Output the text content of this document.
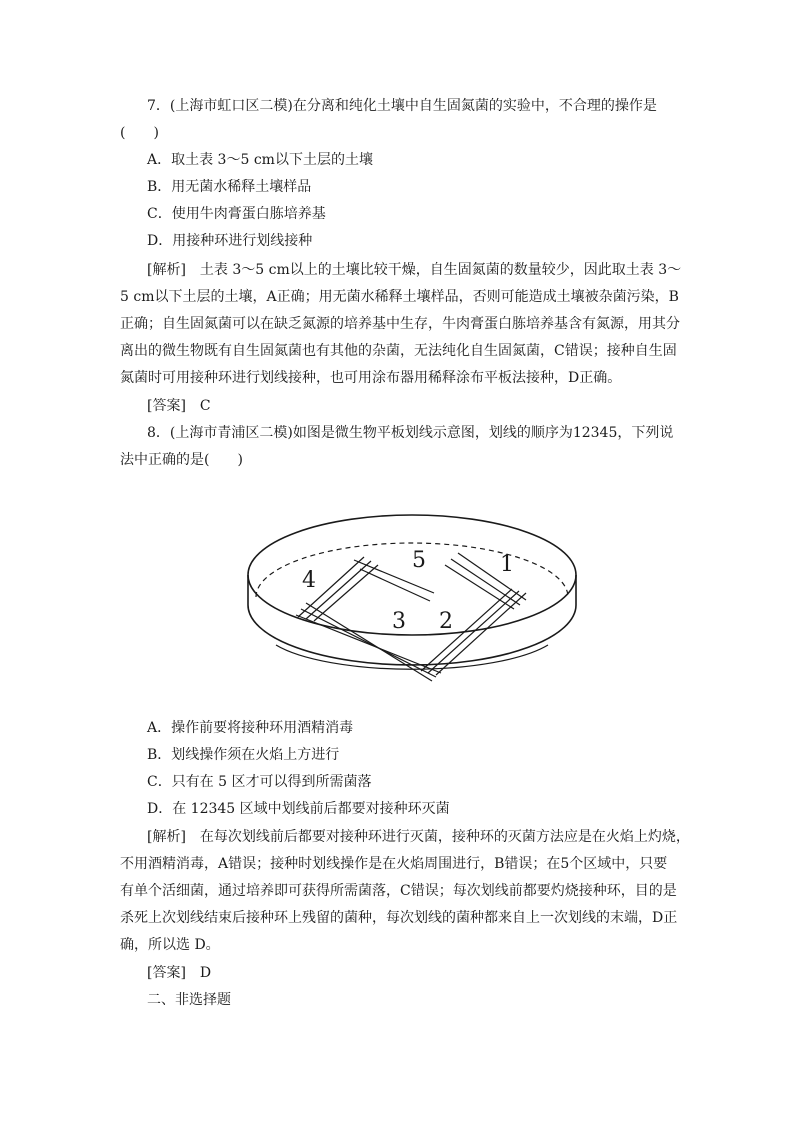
7．(上海市虹口区二模)在分离和纯化土壤中自生固氮菌的实验中，不合理的操作是
(　　)
A．取土表 3～5 cm以下土层的土壤
B．用无菌水稀释土壤样品
C．使用牛肉膏蛋白胨培养基
D．用接种环进行划线接种
[解析]　土表 3～5 cm以上的土壤比较干燥，自生固氮菌的数量较少，因此取土表 3～
5 cm以下土层的土壤，A正确；用无菌水稀释土壤样品，否则可能造成土壤被杂菌污染，B
正确；自生固氮菌可以在缺乏氮源的培养基中生存，牛肉膏蛋白胨培养基含有氮源，用其分
离出的微生物既有自生固氮菌也有其他的杂菌，无法纯化自生固氮菌，C错误；接种自生固
氮菌时可用接种环进行划线接种，也可用涂布器用稀释涂布平板法接种，D正确。
[答案]　C
8．(上海市青浦区二模)如图是微生物平板划线示意图，划线的顺序为12345，下列说
法中正确的是(　　)
1
2
3
4
5
A．操作前要将接种环用酒精消毒
B．划线操作须在火焰上方进行
C．只有在 5 区才可以得到所需菌落
D．在 12345 区域中划线前后都要对接种环灭菌
[解析]　在每次划线前后都要对接种环进行灭菌，接种环的灭菌方法应是在火焰上灼烧，
不用酒精消毒，A错误；接种时划线操作是在火焰周围进行，B错误；在5个区域中，只要
有单个活细菌，通过培养即可获得所需菌落，C错误；每次划线前都要灼烧接种环，目的是
杀死上次划线结束后接种环上残留的菌种，每次划线的菌种都来自上一次划线的末端，D正
确，所以选 D。
[答案]　D
二、非选择题
